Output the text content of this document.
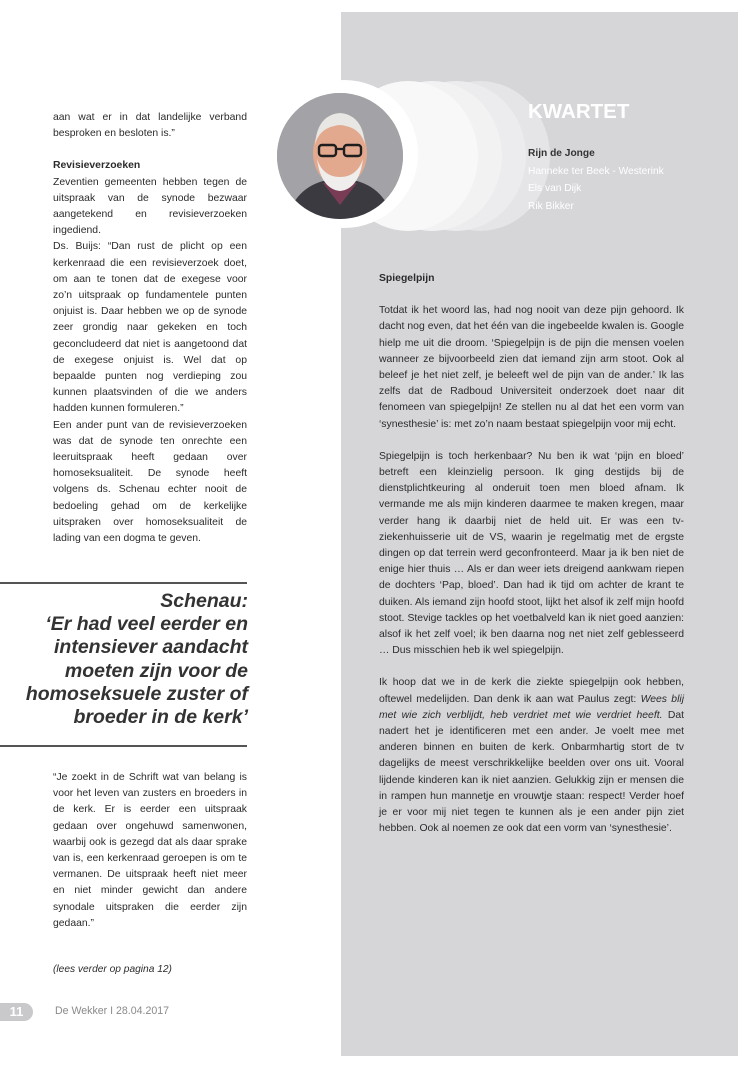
aan wat er in dat landelijke verband besproken en besloten is.”

Revisieverzoeken

Zeventien gemeenten hebben tegen de uitspraak van de synode bezwaar aangetekend en revisieverzoeken ingediend.

Ds. Buijs: “Dan rust de plicht op een kerkenraad die een revisieverzoek doet, om aan te tonen dat de exegese voor zo’n uitspraak op fundamentele punten onjuist is. Daar hebben we op de synode zeer grondig naar gekeken en toch geconcludeerd dat niet is aangetoond dat de exegese onjuist is. Wel dat op bepaalde punten nog verdieping zou kunnen plaatsvinden of die we anders hadden kunnen formuleren.”

Een ander punt van de revisieverzoeken was dat de synode ten onrechte een leeruitspraak heeft gedaan over homoseksualiteit. De synode heeft volgens ds. Schenau echter nooit de bedoeling gehad om de kerkelijke uitspraken over homoseksualiteit de lading van een dogma te geven.

Schenau:
‘Er had veel eerder en
intensiever aandacht
moeten zijn voor de
homoseksuele zuster of
broeder in de kerk’

“Je zoekt in de Schrift wat van belang is voor het leven van zusters en broeders in de kerk. Er is eerder een uitspraak gedaan over ongehuwd samenwonen, waarbij ook is gezegd dat als daar sprake van is, een kerkenraad geroepen is om te vermanen. De uitspraak heeft niet meer en niet minder gewicht dan andere synodale uitspraken die eerder zijn gedaan.”

(lees verder op pagina 12)
11	De Wekker I 28.04.2017
KWARTET
Rijn de Jonge
Hanneke ter Beek - Westerink
Els van Dijk
Rik Bikker

Spiegelpijn

Totdat ik het woord las, had nog nooit van deze pijn gehoord. Ik dacht nog even, dat het één van die ingebeelde kwalen is. Google hielp me uit die droom. ‘Spiegelpijn is de pijn die mensen voelen wanneer ze bijvoorbeeld zien dat iemand zijn arm stoot. Ook al beleef je het niet zelf, je beleeft wel de pijn van de ander.’ Ik las zelfs dat de Radboud Universiteit onderzoek doet naar dit fenomeen van spiegelpijn! Ze stellen nu al dat het een vorm van ‘synesthesie’ is: met zo’n naam bestaat spiegelpijn voor mij echt.

Spiegelpijn is toch herkenbaar? Nu ben ik wat ‘pijn en bloed’ betreft een kleinzielig persoon. Ik ging destijds bij de dienstplichtkeuring al onderuit toen men bloed afnam. Ik vermande me als mijn kinderen daarmee te maken kregen, maar verder hang ik daarbij niet de held uit. Er was een tv-ziekenhuisserie uit de VS, waarin je regelmatig met de ergste dingen op dat terrein werd geconfronteerd. Maar ja ik ben niet de enige hier thuis … Als er dan weer iets dreigend aankwam riepen de dochters ‘Pap, bloed’. Dan had ik tijd om achter de krant te duiken. Als iemand zijn hoofd stoot, lijkt het alsof ik zelf mijn hoofd stoot. Stevige tackles op het voetbalveld kan ik niet goed aanzien: alsof ik het zelf voel; ik ben daarna nog net niet zelf geblesseerd … Dus misschien heb ik wel spiegelpijn.

Ik hoop dat we in de kerk die ziekte spiegelpijn ook hebben, oftewel medelijden. Dan denk ik aan wat Paulus zegt: Wees blij met wie zich verblijdt, heb verdriet met wie verdriet heeft. Dat nadert het je identificeren met een ander. Je voelt mee met anderen binnen en buiten de kerk. Onbarmhartig stort de tv dagelijks de meest verschrikkelijke beelden over ons uit. Vooral lijdende kinderen kan ik niet aanzien. Gelukkig zijn er mensen die in rampen hun mannetje en vrouwtje staan: respect! Verder hoef je er voor mij niet tegen te kunnen als je een ander pijn ziet hebben. Ook al noemen ze ook dat een vorm van ‘synesthesie’.
